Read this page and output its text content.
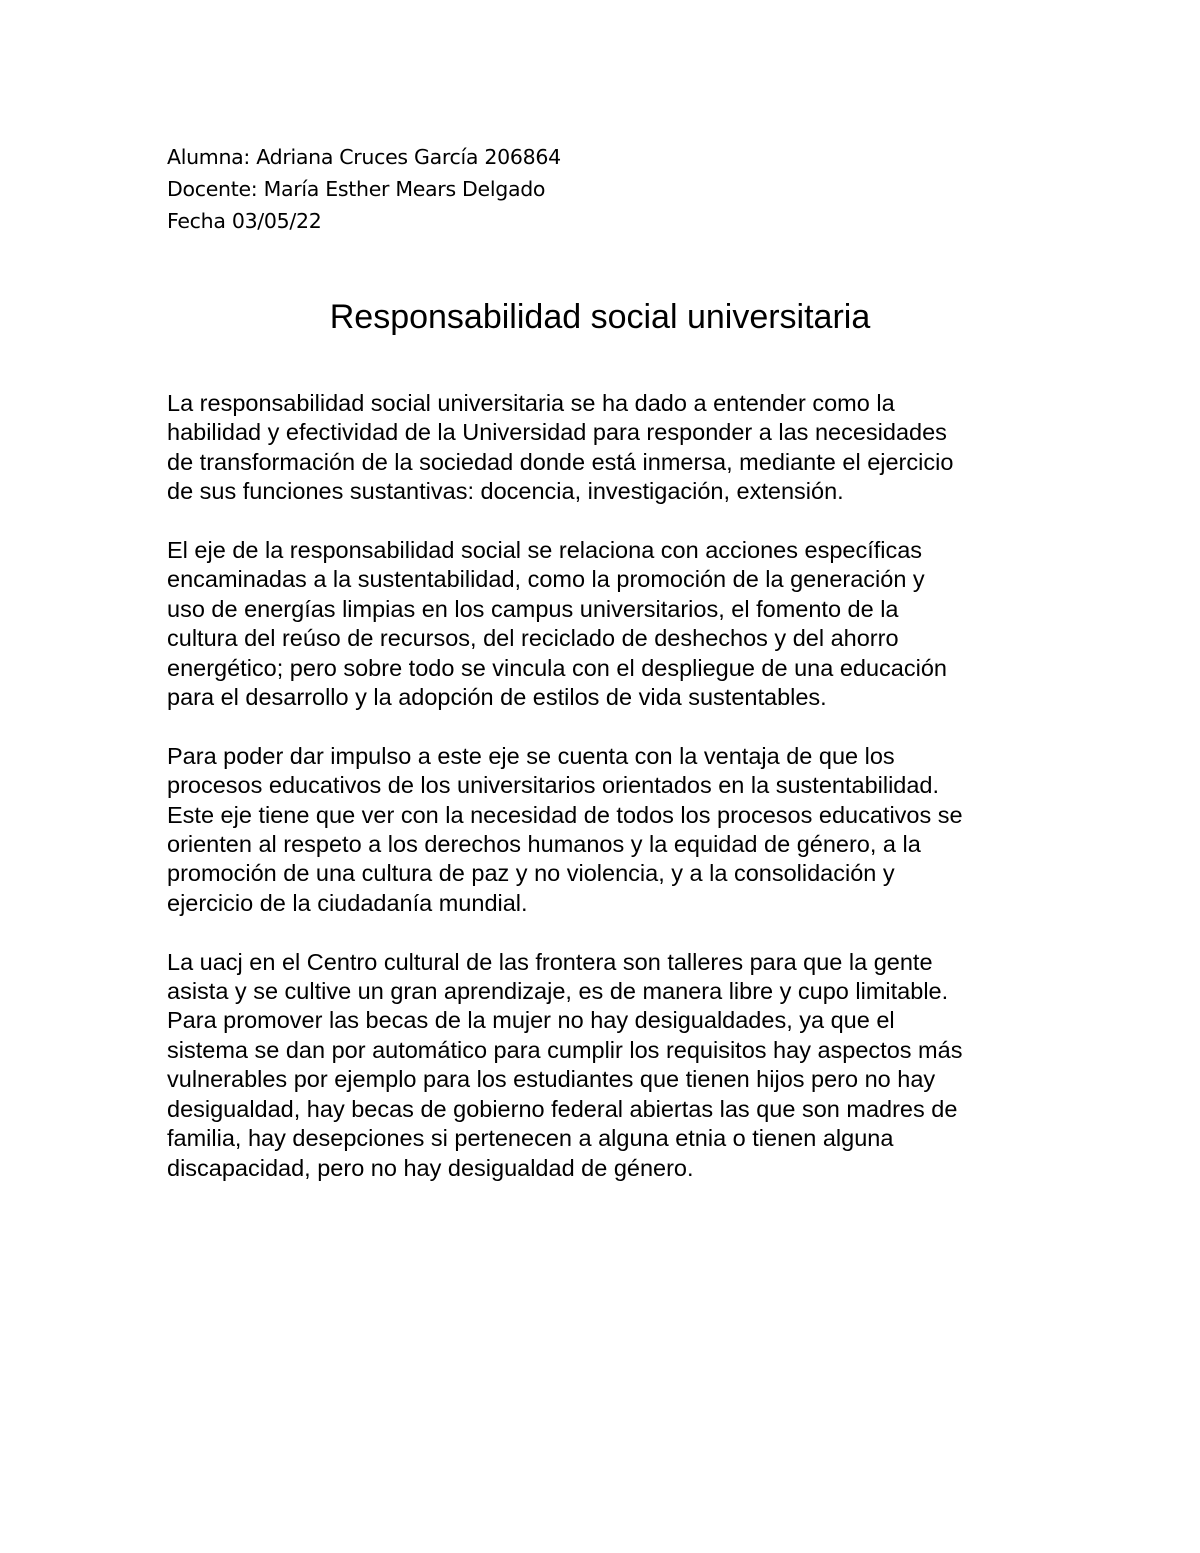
Alumna: Adriana Cruces García 206864
Docente: María Esther Mears Delgado
Fecha 03/05/22
Responsabilidad social universitaria

La responsabilidad social universitaria se ha dado a entender como la
habilidad y efectividad de la Universidad para responder a las necesidades
de transformación de la sociedad donde está inmersa, mediante el ejercicio
de sus funciones sustantivas: docencia, investigación, extensión.

El eje de la responsabilidad social se relaciona con acciones específicas
encaminadas a la sustentabilidad, como la promoción de la generación y
uso de energías limpias en los campus universitarios, el fomento de la
cultura del reúso de recursos, del reciclado de deshechos y del ahorro
energético; pero sobre todo se vincula con el despliegue de una educación
para el desarrollo y la adopción de estilos de vida sustentables.

Para poder dar impulso a este eje se cuenta con la ventaja de que los
procesos educativos de los universitarios orientados en la sustentabilidad.
Este eje tiene que ver con la necesidad de todos los procesos educativos se
orienten al respeto a los derechos humanos y la equidad de género, a la
promoción de una cultura de paz y no violencia, y a la consolidación y
ejercicio de la ciudadanía mundial.

La uacj en el Centro cultural de las frontera son talleres para que la gente
asista y se cultive un gran aprendizaje, es de manera libre y cupo limitable.
Para promover las becas de la mujer no hay desigualdades, ya que el
sistema se dan por automático para cumplir los requisitos hay aspectos más
vulnerables por ejemplo para los estudiantes que tienen hijos pero no hay
desigualdad, hay becas de gobierno federal abiertas las que son madres de
familia, hay desepciones si pertenecen a alguna etnia o tienen alguna
discapacidad, pero no hay desigualdad de género.
